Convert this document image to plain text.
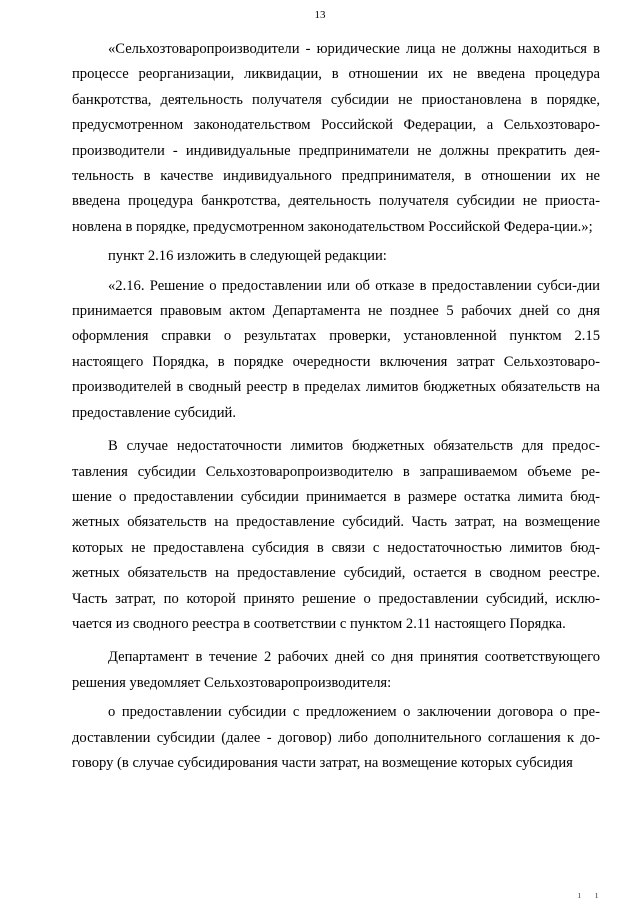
13

«Сельхозтоваропроизводители - юридические лица не должны находиться в процессе реорганизации, ликвидации, в отношении их не введена процедура банкротства, деятельность получателя субсидии не приостановлена в порядке, предусмотренном законодательством Российской Федерации, а Сельхозтоваро-производители - индивидуальные предприниматели не должны прекратить дея-тельность в качестве индивидуального предпринимателя, в отношении их не введена процедура банкротства, деятельность получателя субсидии не приоста-новлена в порядке, предусмотренном законодательством Российской Федера-ции.»;

пункт 2.16 изложить в следующей редакции:

«2.16. Решение о предоставлении или об отказе в предоставлении субси-дии принимается правовым актом Департамента не позднее 5 рабочих дней со дня оформления справки о результатах проверки, установленной пунктом 2.15 настоящего Порядка, в порядке очередности включения затрат Сельхозтоваро-производителей в сводный реестр в пределах лимитов бюджетных обязательств на предоставление субсидий.

В случае недостаточности лимитов бюджетных обязательств для предос-тавления субсидии Сельхозтоваропроизводителю в запрашиваемом объеме ре-шение о предоставлении субсидии принимается в размере остатка лимита бюд-жетных обязательств на предоставление субсидий. Часть затрат, на возмещение которых не предоставлена субсидия в связи с недостаточностью лимитов бюд-жетных обязательств на предоставление субсидий, остается в сводном реестре. Часть затрат, по которой принято решение о предоставлении субсидий, исклю-чается из сводного реестра в соответствии с пунктом 2.11 настоящего Порядка.

Департамент в течение 2 рабочих дней со дня принятия соответствующего решения уведомляет Сельхозтоваропроизводителя:

о предоставлении субсидии с предложением о заключении договора о пре-доставлении субсидии (далее - договор) либо дополнительного соглашения к до-говору (в случае субсидирования части затрат, на возмещение которых субсидия

ı ı
